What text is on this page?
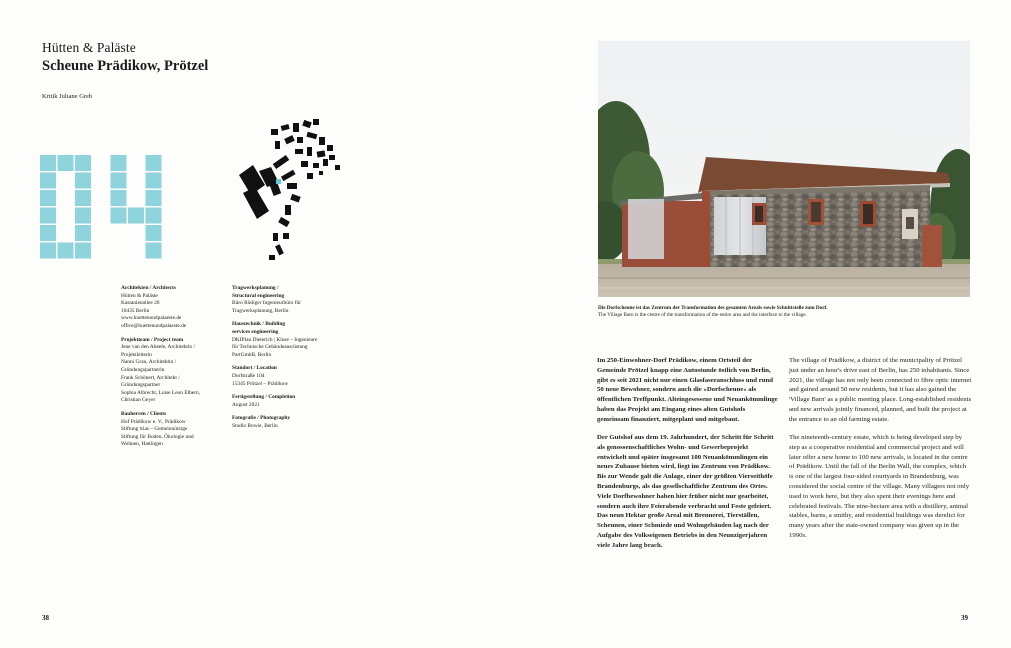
Hütten & Paläste
Scheune Prädikow, Prötzel
Kritik Juliane Greb
Architekten / Architects
Hütten & Paläste
Kastanienallee 26
10435 Berlin
www.huettenundpalaeste.de
office@huettenundpalaeste.de
Projektteam / Project team
Jene van den Abeele, Architektin /
Projektleiterin
Nanni Grau, Architektin /
Gründungspartnerin
Frank Schönert, Architekt /
Gründungspartner
Sophia Albrecht, Luise Leon Elbern,
Christian Geyer
Bauherren / Clients
Hof Prädikow e. V., Prädikow
Stiftung trias – Gemeinnützige
Stiftung für Boden, Ökologie und
Wohnen, Hattingen
Tragwerksplanung /
Structural engineering
Büro Rüdiger Ingenieurbüro für
Tragwerksplanung, Berlin
Haustechnik / Building
services engineering
DKIPlan Dieterich | Klose – Ingenieure
für Technische Gebäudeausrüstung
PartGmbB, Berlin
Standort / Location
Dorfstraße 104
15345 Prötzel – Prädikow
Fertigstellung / Completion
August 2021
Fotografie / Photography
Studio Bowie, Berlin
Die Dorfscheune ist das Zentrum der Transformation des gesamten Areals sowie Schnittstelle zum Dorf.
The Village Barn is the centre of the transformation of the entire area and the interface to the village.

Im 250-Einwohner-Dorf Prädikow, einem Ortsteil der Gemeinde Prötzel knapp eine Autostunde östlich von Berlin, gibt es seit 2021 nicht nur einen Glasfaseranschluss und rund 50 neue Bewohner, sondern auch die »Dorfscheune« als öffentlichen Treffpunkt. Alteingesessene und Neuankömmlinge haben das Projekt am Eingang eines alten Gutshofs gemeinsam finanziert, mitgeplant und mitgebaut.

Der Gutshof aus dem 19. Jahrhundert, der Schritt für Schritt als genossenschaftliches Wohn- und Gewerbeprojekt entwickelt und später insgesamt 100 Neuankömmlingen ein neues Zuhause bieten wird, liegt im Zentrum von Prädikow. Bis zur Wende galt die Anlage, einer der größten Vierseithöfe Brandenburgs, als das gesellschaftliche Zentrum des Ortes. Viele Dorfbewohner haben hier früher nicht nur gearbeitet, sondern auch ihre Feierabende verbracht und Feste gefeiert. Das neun Hektar große Areal mit Brennerei, Tierställen, Scheunen, einer Schmiede und Wohngebäuden lag nach der Aufgabe des Volkseigenen Betriebs in den Neunzigerjahren viele Jahre lang brach.

The village of Prädikow, a district of the municipality of Prötzel just under an hour's drive east of Berlin, has 250 inhabitants. Since 2021, the village has not only been connected to fibre optic internet and gained around 50 new residents, but it has also gained the 'Village Barn' as a public meeting place. Long-established residents and new arrivals jointly financed, planned, and built the project at the entrance to an old farming estate.

The nineteenth-century estate, which is being developed step by step as a cooperative residential and commercial project and will later offer a new home to 100 new arrivals, is located in the centre of Prädikow. Until the fall of the Berlin Wall, the complex, which is one of the largest four-sided courtyards in Brandenburg, was considered the social centre of the village. Many villagers not only used to work here, but they also spent their evenings here and celebrated festivals. The nine-hectare area with a distillery, animal stables, barns, a smithy, and residential buildings was derelict for many years after the state-owned company was given up in the 1990s.

38	39
